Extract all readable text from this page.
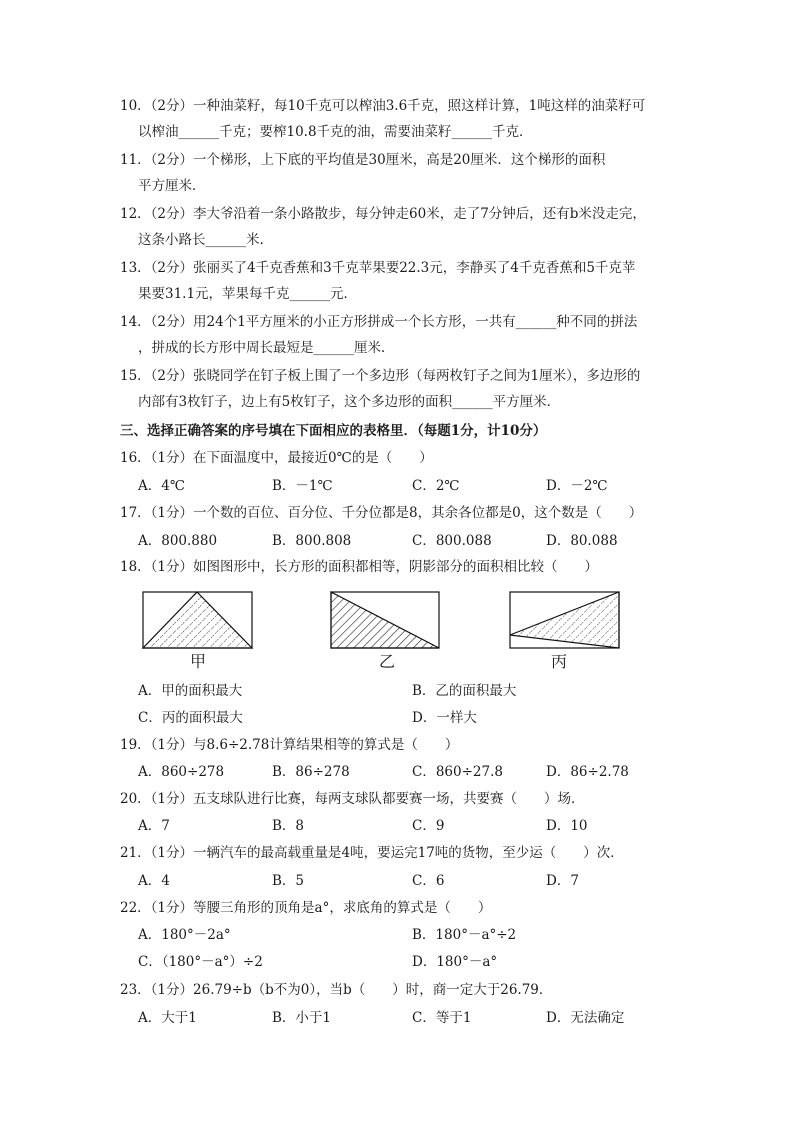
10．（2分）一种油菜籽，每10千克可以榨油3.6千克，照这样计算，1吨这样的油菜籽可
以榨油______千克；要榨10.8千克的油，需要油菜籽______千克．
11．（2分）一个梯形，上下底的平均值是30厘米，高是20厘米．这个梯形的面积
平方厘米．
12．（2分）李大爷沿着一条小路散步，每分钟走60米，走了7分钟后，还有b米没走完，
这条小路长______米．
13．（2分）张丽买了4千克香蕉和3千克苹果要22.3元，李静买了4千克香蕉和5千克苹
果要31.1元，苹果每千克______元．
14．（2分）用24个1平方厘米的小正方形拼成一个长方形，一共有______种不同的拼法
，拼成的长方形中周长最短是______厘米．
15．（2分）张晓同学在钉子板上围了一个多边形（每两枚钉子之间为1厘米），多边形的
内部有3枚钉子，边上有5枚钉子，这个多边形的面积______平方厘米．
三、选择正确答案的序号填在下面相应的表格里．（每题1分，计10分）
16．（1分）在下面温度中，最接近0℃的是（　　）
A．4℃	B．－1℃	C．2℃	D．－2℃
17．（1分）一个数的百位、百分位、千分位都是8，其余各位都是0，这个数是（　　）
A．800.880	B．800.808	C．800.088	D．80.088
18．（1分）如图图形中，长方形的面积都相等，阴影部分的面积相比较（　　）
甲	乙	丙
A．甲的面积最大	B．乙的面积最大
C．丙的面积最大	D．一样大
19．（1分）与8.6÷2.78计算结果相等的算式是（　　）
A．860÷278	B．86÷278	C．860÷27.8	D．86÷2.78
20．（1分）五支球队进行比赛，每两支球队都要赛一场，共要赛（　　）场．
A．7	B．8	C．9	D．10
21．（1分）一辆汽车的最高载重量是4吨，要运完17吨的货物，至少运（　　）次．
A．4	B．5	C．6	D．7
22．（1分）等腰三角形的顶角是a°，求底角的算式是（　　）
A．180°－2a°	B．180°－a°÷2
C．（180°－a°）÷2	D．180°－a°
23．（1分）26.79÷b（b不为0），当b（　　）时，商一定大于26.79．
A．大于1	B．小于1	C．等于1	D．无法确定
